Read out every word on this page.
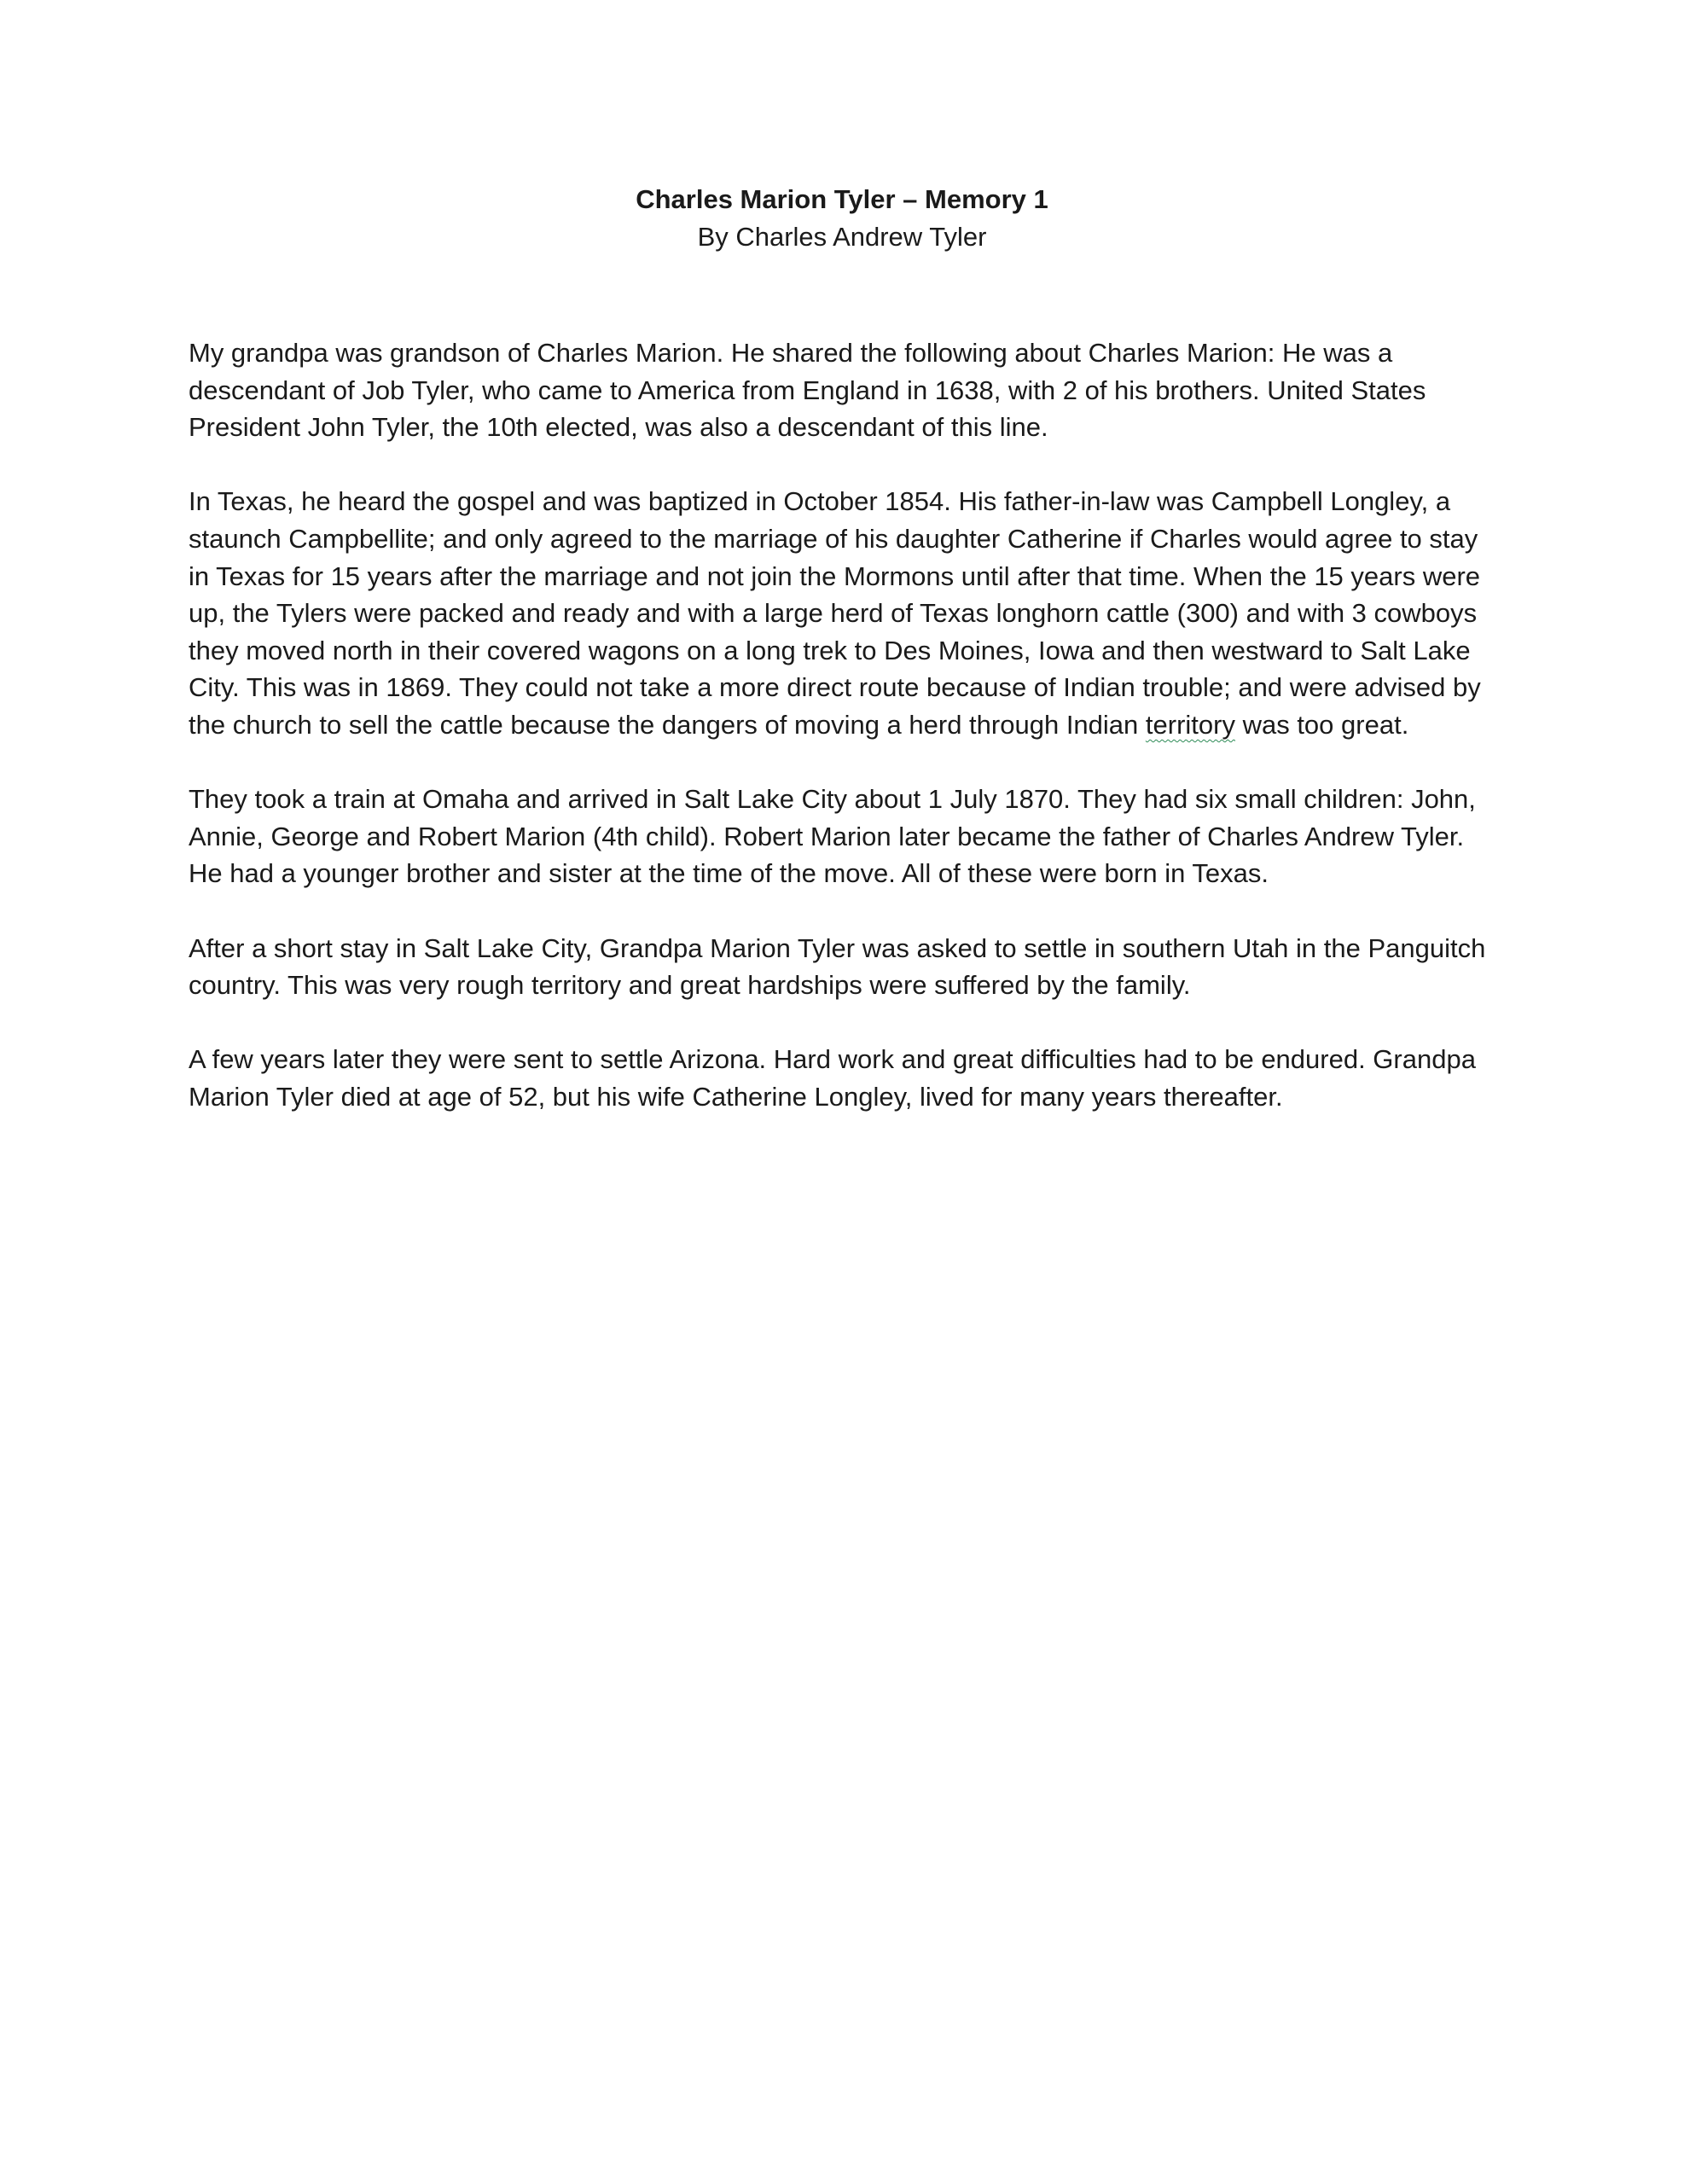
Charles Marion Tyler – Memory 1

By Charles Andrew Tyler

My grandpa was grandson of Charles Marion. He shared the following about Charles Marion: He was a descendant of Job Tyler, who came to America from England in 1638, with 2 of his brothers. United States President John Tyler, the 10th elected, was also a descendant of this line.

In Texas, he heard the gospel and was baptized in October 1854. His father-in-law was Campbell Longley, a staunch Campbellite; and only agreed to the marriage of his daughter Catherine if Charles would agree to stay in Texas for 15 years after the marriage and not join the Mormons until after that time. When the 15 years were up, the Tylers were packed and ready and with a large herd of Texas longhorn cattle (300) and with 3 cowboys they moved north in their covered wagons on a long trek to Des Moines, Iowa and then westward to Salt Lake City. This was in 1869. They could not take a more direct route because of Indian trouble; and were advised by the church to sell the cattle because the dangers of moving a herd through Indian territory was too great.

They took a train at Omaha and arrived in Salt Lake City about 1 July 1870. They had six small children: John, Annie, George and Robert Marion (4th child). Robert Marion later became the father of Charles Andrew Tyler. He had a younger brother and sister at the time of the move. All of these were born in Texas.

After a short stay in Salt Lake City, Grandpa Marion Tyler was asked to settle in southern Utah in the Panguitch country. This was very rough territory and great hardships were suffered by the family.

A few years later they were sent to settle Arizona. Hard work and great difficulties had to be endured. Grandpa Marion Tyler died at age of 52, but his wife Catherine Longley, lived for many years thereafter.
